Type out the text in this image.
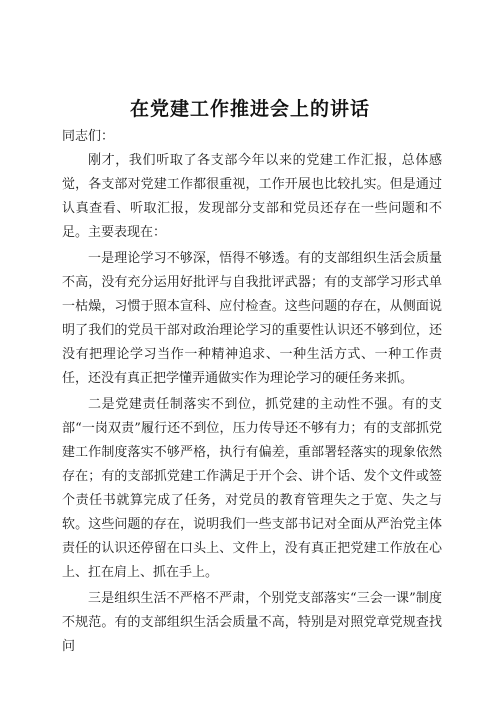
在党建工作推进会上的讲话

同志们：

刚才，我们听取了各支部今年以来的党建工作汇报，总体感觉，各支部对党建工作都很重视，工作开展也比较扎实。但是通过认真查看、听取汇报，发现部分支部和党员还存在一些问题和不足。主要表现在：

一是理论学习不够深，悟得不够透。有的支部组织生活会质量不高，没有充分运用好批评与自我批评武器；有的支部学习形式单一枯燥，习惯于照本宣科、应付检查。这些问题的存在，从侧面说明了我们的党员干部对政治理论学习的重要性认识还不够到位，还没有把理论学习当作一种精神追求、一种生活方式、一种工作责任，还没有真正把学懂弄通做实作为理论学习的硬任务来抓。

二是党建责任制落实不到位，抓党建的主动性不强。有的支部“一岗双责”履行还不到位，压力传导还不够有力；有的支部抓党建工作制度落实不够严格，执行有偏差，重部署轻落实的现象依然存在；有的支部抓党建工作满足于开个会、讲个话、发个文件或签个责任书就算完成了任务，对党员的教育管理失之于宽、失之与软。这些问题的存在，说明我们一些支部书记对全面从严治党主体责任的认识还停留在口头上、文件上，没有真正把党建工作放在心上、扛在肩上、抓在手上。

三是组织生活不严格不严肃，个别党支部落实“三会一课”制度不规范。有的支部组织生活会质量不高，特别是对照党章党规查找问
